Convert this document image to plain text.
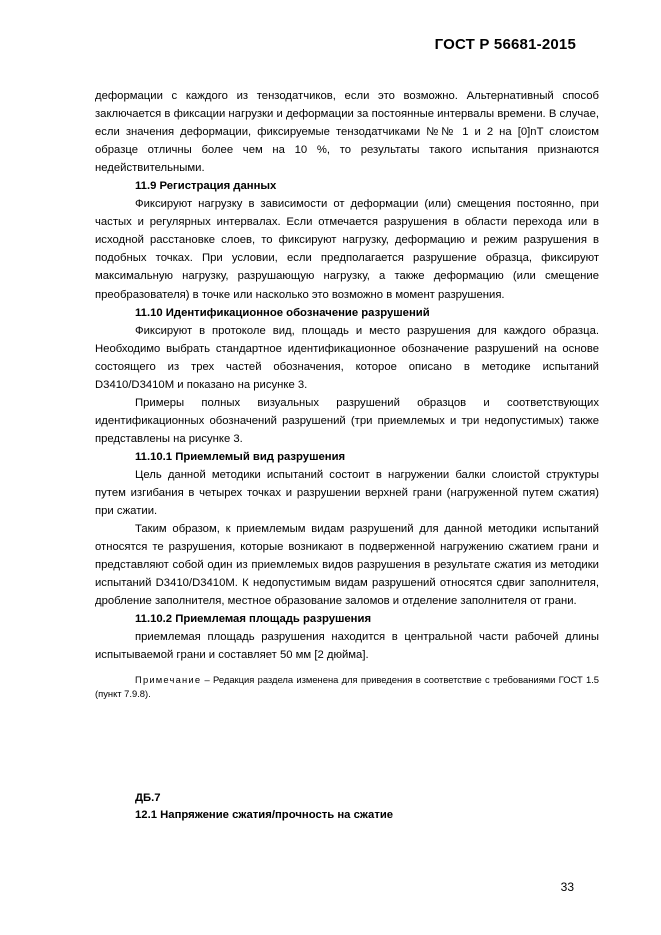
ГОСТ Р 56681-2015

деформации с каждого из тензодатчиков, если это возможно. Альтернативный способ заключается в фиксации нагрузки и деформации за постоянные интервалы времени. В случае, если значения деформации, фиксируемые тензодатчиками №№ 1 и 2 на [0]nT слоистом образце отличны более чем на 10 %, то результаты такого испытания признаются недействительными.

11.9 Регистрация данных

Фиксируют нагрузку в зависимости от деформации (или) смещения постоянно, при частых и регулярных интервалах. Если отмечается разрушения в области перехода или в исходной расстановке слоев, то фиксируют нагрузку, деформацию и режим разрушения в подобных точках. При условии, если предполагается разрушение образца, фиксируют максимальную нагрузку, разрушающую нагрузку, а также деформацию (или смещение преобразователя) в точке или насколько это возможно в момент разрушения.

11.10 Идентификационное обозначение разрушений

Фиксируют в протоколе вид, площадь и место разрушения для каждого образца. Необходимо выбрать стандартное идентификационное обозначение разрушений на основе состоящего из трех частей обозначения, которое описано в методике испытаний D3410/D3410M и показано на рисунке 3.

Примеры полных визуальных разрушений образцов и соответствующих идентификационных обозначений разрушений (три приемлемых и три недопустимых) также представлены на рисунке 3.

11.10.1 Приемлемый вид разрушения

Цель данной методики испытаний состоит в нагружении балки слоистой структуры путем изгибания в четырех точках и разрушении верхней грани (нагруженной путем сжатия) при сжатии.

Таким образом, к приемлемым видам разрушений для данной методики испытаний относятся те разрушения, которые возникают в подверженной нагружению сжатием грани и представляют собой один из приемлемых видов разрушения в результате сжатия из методики испытаний D3410/D3410M. К недопустимым видам разрушений относятся сдвиг заполнителя, дробление заполнителя, местное образование заломов и отделение заполнителя от грани.

11.10.2 Приемлемая площадь разрушения

приемлемая площадь разрушения находится в центральной части рабочей длины испытываемой грани и составляет 50 мм [2 дюйма].

Примечание – Редакция раздела изменена для приведения в соответствие с требованиями ГОСТ 1.5 (пункт 7.9.8).

ДБ.7
12.1 Напряжение сжатия/прочность на сжатие
33
